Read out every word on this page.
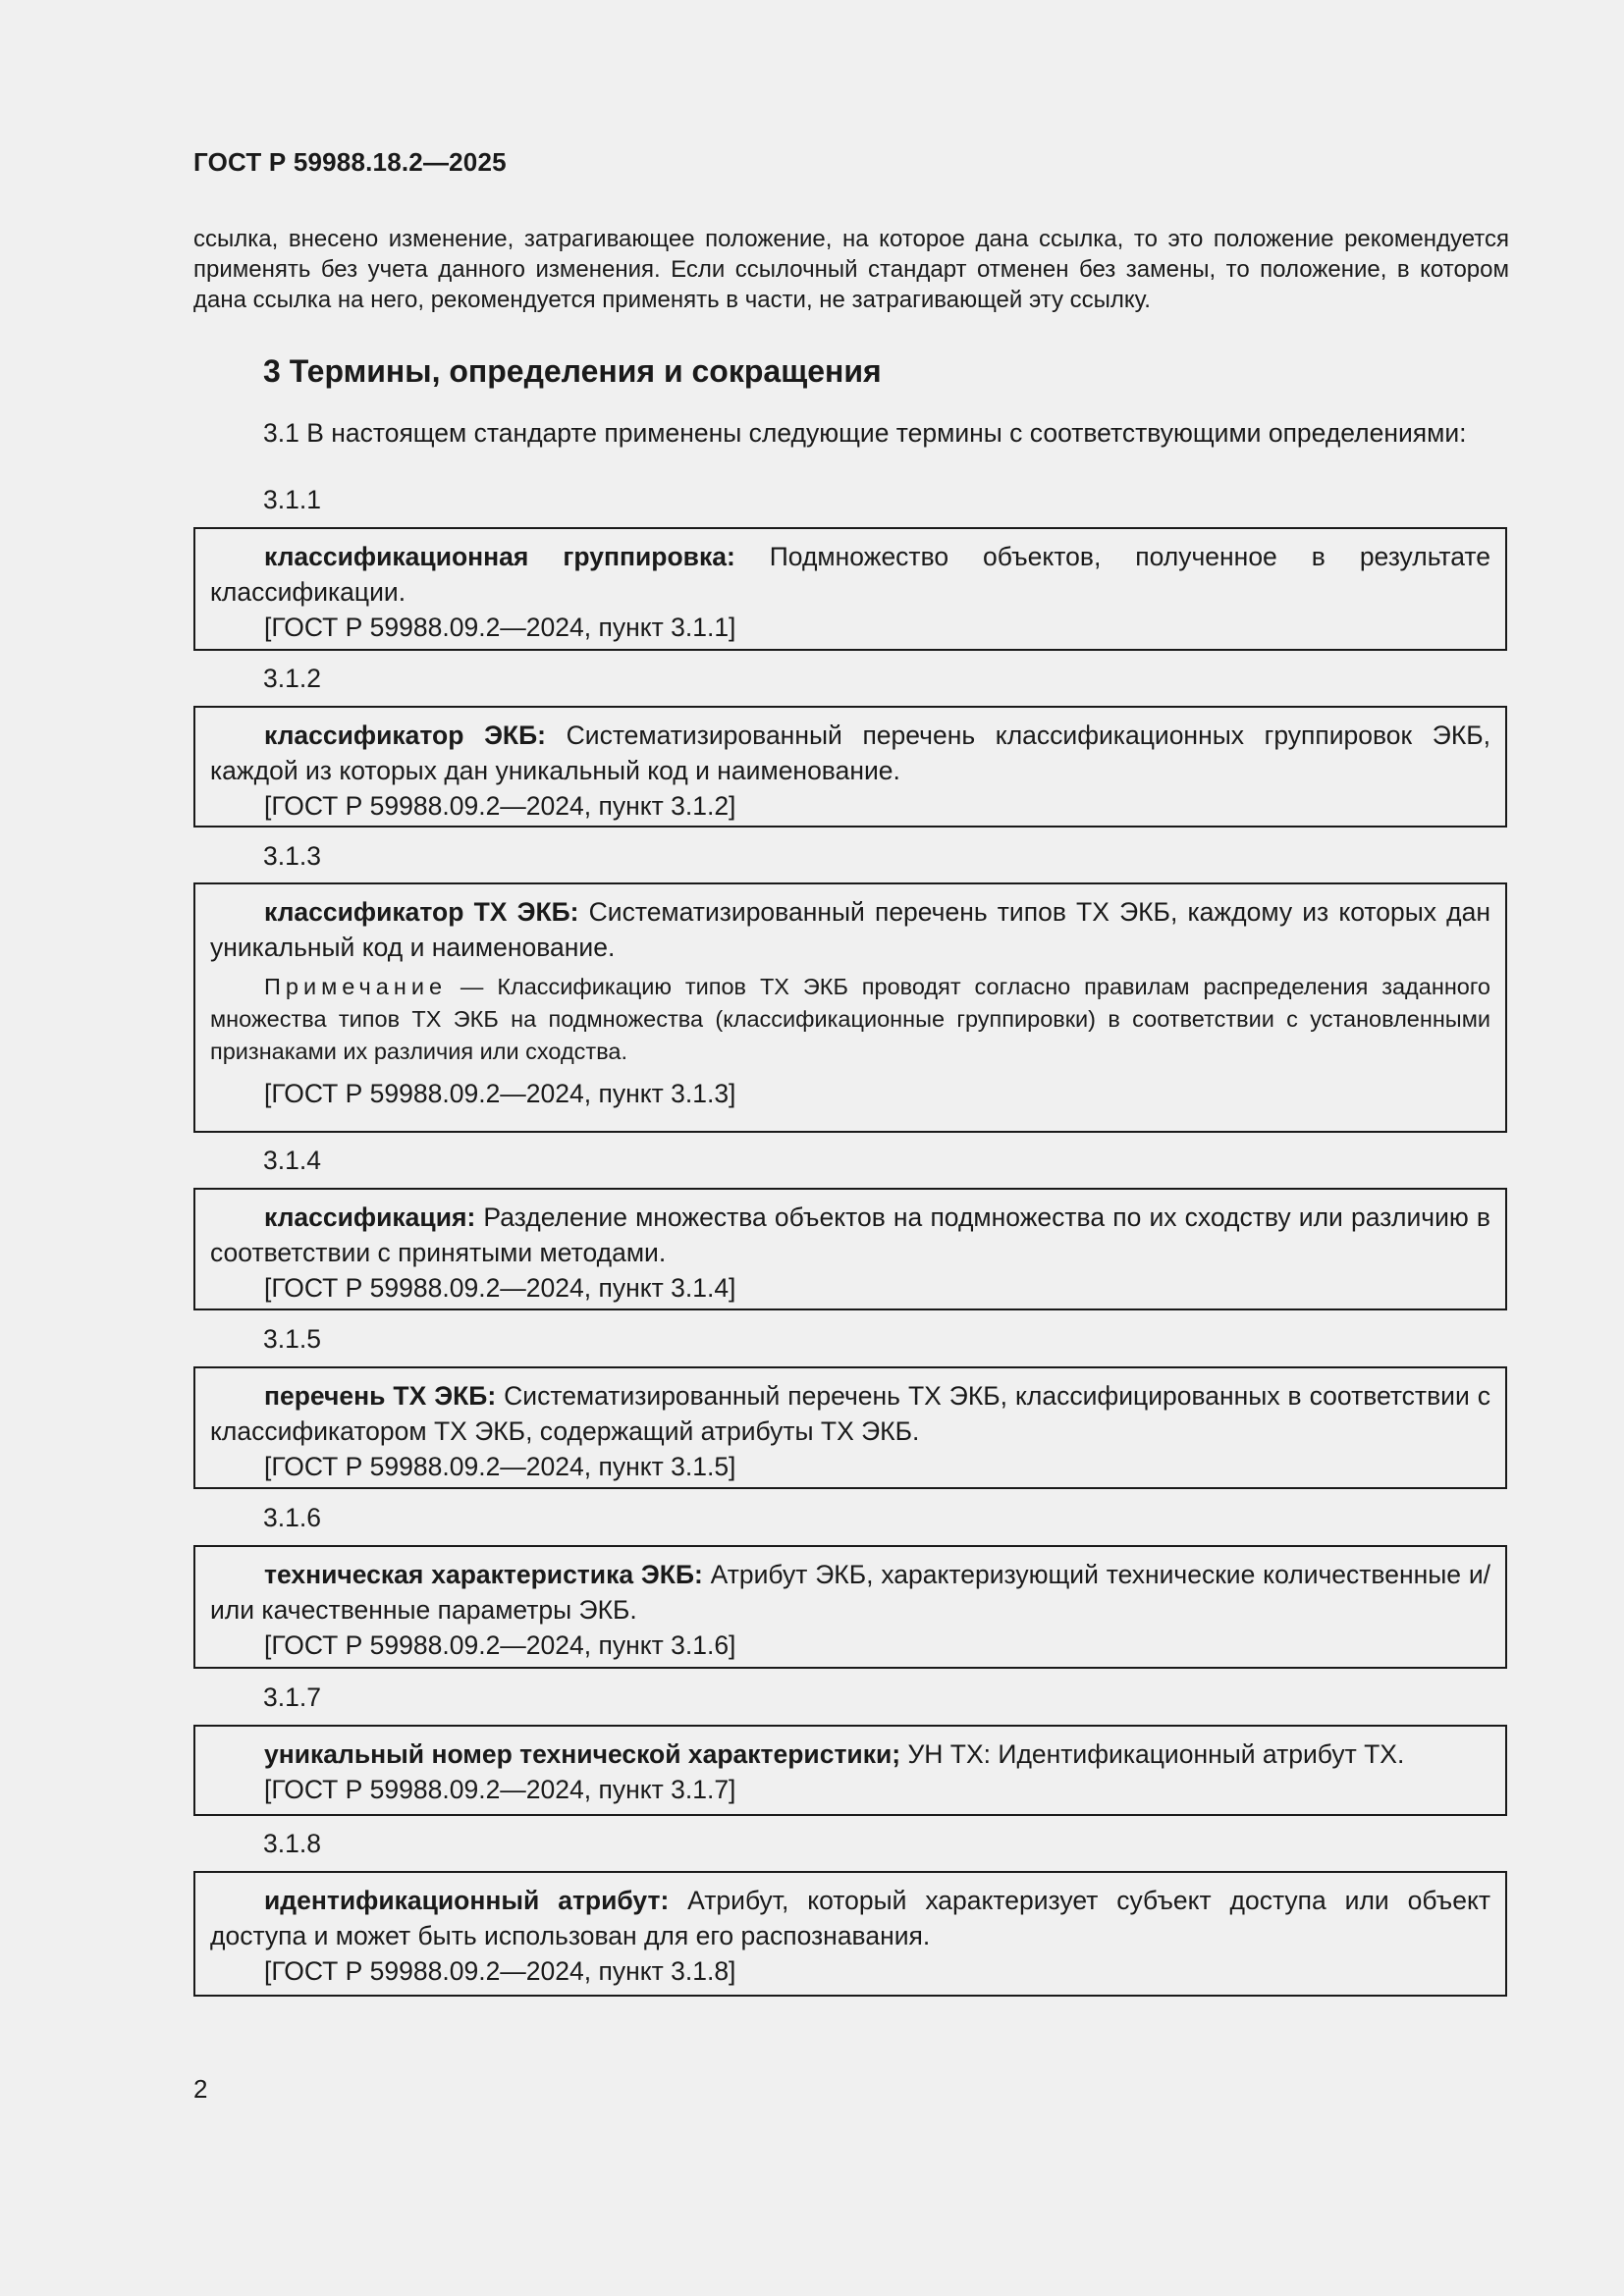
ГОСТ Р 59988.18.2—2025
ссылка, внесено изменение, затрагивающее положение, на которое дана ссылка, то это положение рекомендуется применять без учета данного изменения. Если ссылочный стандарт отменен без замены, то положение, в котором дана ссылка на него, рекомендуется применять в части, не затрагивающей эту ссылку.
3 Термины, определения и сокращения
3.1 В настоящем стандарте применены следующие термины с соответствующими определениями:
3.1.1

классификационная группировка: Подмножество объектов, полученное в результате классификации.

[ГОСТ Р 59988.09.2—2024, пункт 3.1.1]

3.1.2

классификатор ЭКБ: Систематизированный перечень классификационных группировок ЭКБ, каждой из которых дан уникальный код и наименование.

[ГОСТ Р 59988.09.2—2024, пункт 3.1.2]

3.1.3

классификатор ТХ ЭКБ: Систематизированный перечень типов ТХ ЭКБ, каждому из которых дан уникальный код и наименование.

Примечание — Классификацию типов ТХ ЭКБ проводят согласно правилам распределения заданного множества типов ТХ ЭКБ на подмножества (классификационные группировки) в соответствии с установленными признаками их различия или сходства.

[ГОСТ Р 59988.09.2—2024, пункт 3.1.3]

3.1.4

классификация: Разделение множества объектов на подмножества по их сходству или различию в соответствии с принятыми методами.

[ГОСТ Р 59988.09.2—2024, пункт 3.1.4]

3.1.5

перечень ТХ ЭКБ: Систематизированный перечень ТХ ЭКБ, классифицированных в соответствии с классификатором ТХ ЭКБ, содержащий атрибуты ТХ ЭКБ.

[ГОСТ Р 59988.09.2—2024, пункт 3.1.5]

3.1.6

техническая характеристика ЭКБ: Атрибут ЭКБ, характеризующий технические количественные и/или качественные параметры ЭКБ.

[ГОСТ Р 59988.09.2—2024, пункт 3.1.6]

3.1.7

уникальный номер технической характеристики; УН ТХ: Идентификационный атрибут ТХ.

[ГОСТ Р 59988.09.2—2024, пункт 3.1.7]

3.1.8

идентификационный атрибут: Атрибут, который характеризует субъект доступа или объект доступа и может быть использован для его распознавания.

[ГОСТ Р 59988.09.2—2024, пункт 3.1.8]

2
